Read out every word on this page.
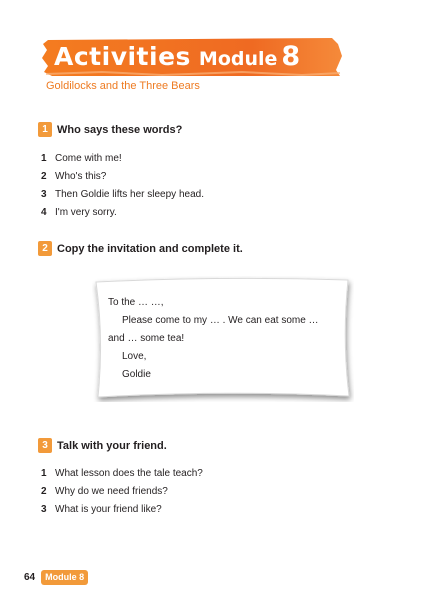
Activities Module 8
Goldilocks and the Three Bears
1 Who says these words?
1 Come with me!
2 Who's this?
3 Then Goldie lifts her sleepy head.
4 I'm very sorry.
2 Copy the invitation and complete it.
To the … …,
Please come to my … . We can eat some …
and … some tea!
Love,
Goldie
3 Talk with your friend.
1 What lesson does the tale teach?
2 Why do we need friends?
3 What is your friend like?
64	Module 8
